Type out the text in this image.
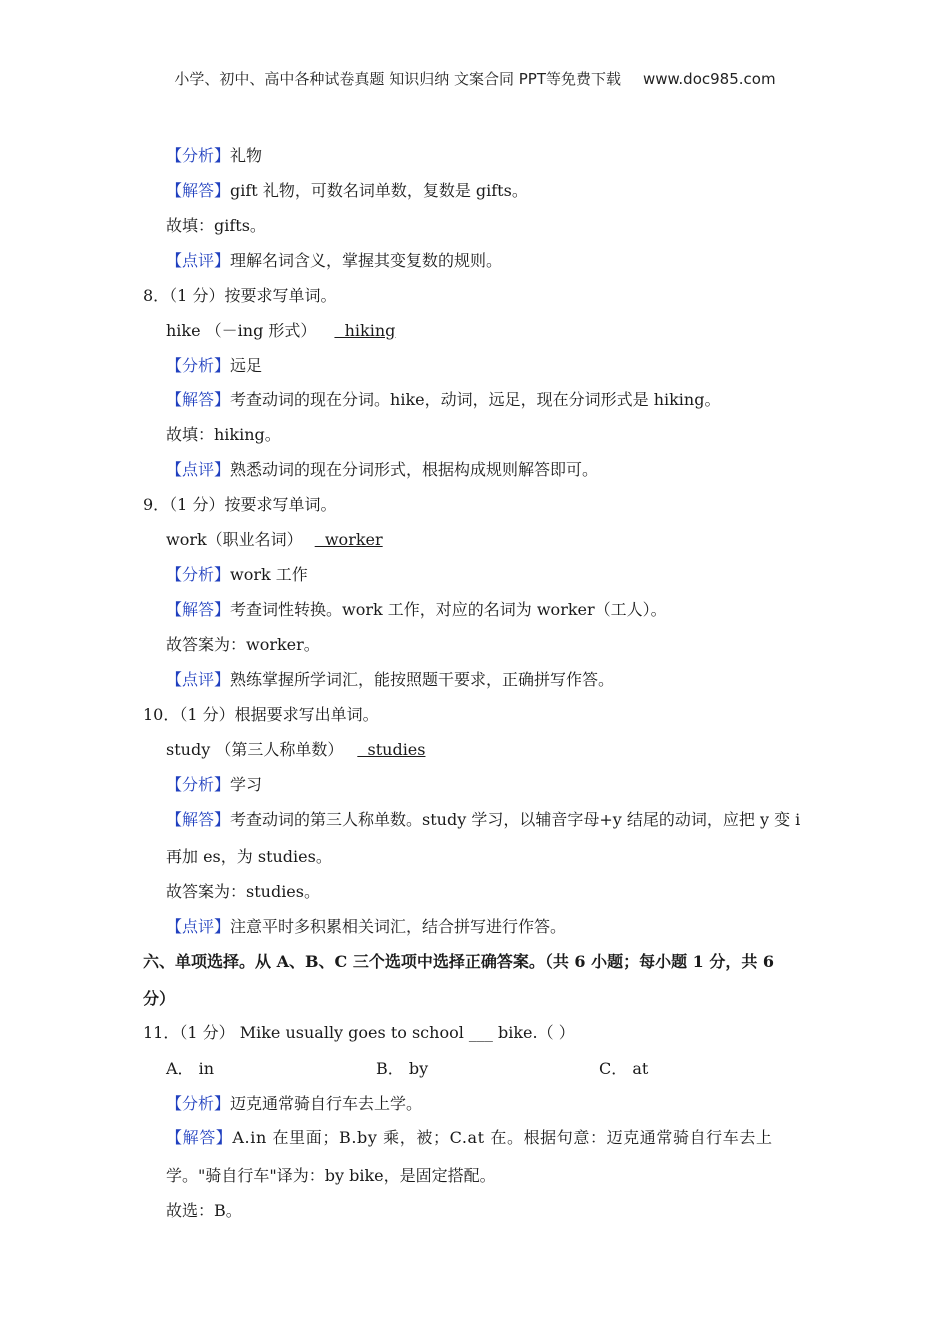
小学、初中、高中各种试卷真题 知识归纳 文案合同 PPT等免费下载 www.doc985.com
【分析】礼物
【解答】gift 礼物，可数名词单数，复数是 gifts。
故填：gifts。
【点评】理解名词含义，掌握其变复数的规则。
8．（1 分）按要求写单词。
hike （－ing 形式）  hiking
【分析】远足
【解答】考查动词的现在分词。hike，动词，远足，现在分词形式是 hiking。
故填：hiking。
【点评】熟悉动词的现在分词形式，根据构成规则解答即可。
9．（1 分）按要求写单词。
work（职业名词）  worker
【分析】work 工作
【解答】考查词性转换。work 工作，对应的名词为 worker（工人）。
故答案为：worker。
【点评】熟练掌握所学词汇，能按照题干要求，正确拼写作答。
10．（1 分）根据要求写出单词。
study （第三人称单数）  studies
【分析】学习
【解答】考查动词的第三人称单数。study 学习，以辅音字母+y 结尾的动词，应把 y 变 i
再加 es，为 studies。
故答案为：studies。
【点评】注意平时多积累相关词汇，结合拼写进行作答。
六、单项选择。从 A、B、C 三个选项中选择正确答案。（共 6 小题；每小题 1 分，共 6
分）
11．（1 分） Mike usually goes to school ___ bike.（ ）
A． in	B． by	C． at
【分析】迈克通常骑自行车去上学。
【解答】A.in 在里面；B.by 乘，被；C.at 在。根据句意：迈克通常骑自行车去上
学。"骑自行车"译为：by bike，是固定搭配。
故选：B。
